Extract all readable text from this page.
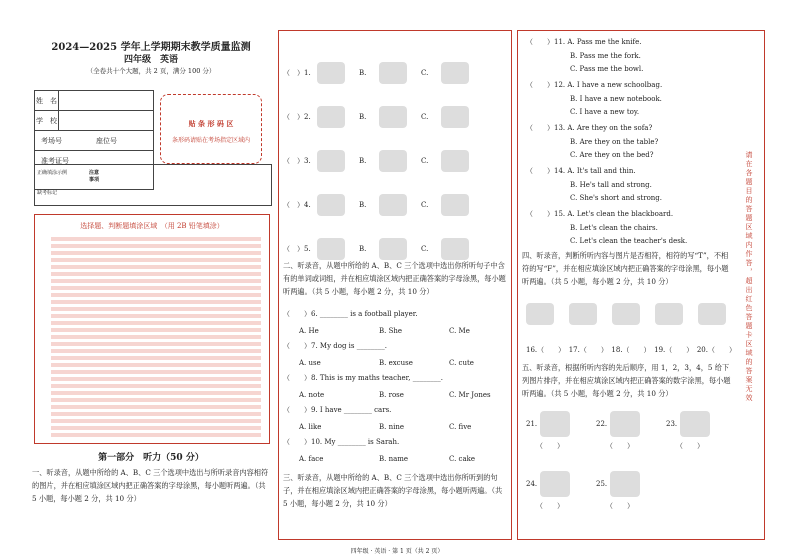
2024—2025 学年上学期期末教学质量监测
四年级　英语
（全卷共十个大题，共 2 页，满分 100 分）
姓　名
学　校
考场号	座位号
准考证号
贴 条 形 码 区
条形码请贴在考场指定区域内
正确填涂示例
缺考标记
注意事项
选择题、判断题填涂区域　（用 2B 铅笔填涂）
第一部分　听力（50 分）
一、听录音，从题中所给的 A、B、C 三个选项中选出与所听录音内容相符的图片，并在相应填涂区域内把正确答案的字母涂黑，每小题听两遍。（共 5 小题，每小题 2 分，共 10 分）
（　）1.	B.	C.
（　）2.	B.	C.
（　）3.	B.	C.
（　）4.	B.	C.
（　）5.	B.	C.
二、听录音，从题中所给的 A、B、C 三个选项中选出你所听句子中含有的单词或词组，并在相应填涂区域内把正确答案的字母涂黑，每小题听两遍。（共 5 小题，每小题 2 分，共 10 分）
（　　）6. ________ is a football player.
A. He	B. She	C. Me
（　　）7. My dog is ________.
A. use	B. excuse	C. cute
（　　）8. This is my maths teacher, ________.
A. note	B. rose	C. Mr Jones
（　　）9. I have ________ cars.
A. like	B. nine	C. five
（　　）10. My ________ is Sarah.
A. face	B. name	C. cake
三、听录音，从题中所给的 A、B、C 三个选项中选出你所听到的句子，并在相应填涂区域内把正确答案的字母涂黑，每小题听两遍。（共 5 小题，每小题 2 分，共 10 分）
（　　）11. A. Pass me the knife.
B. Pass me the fork.
C. Pass me the bowl.
（　　）12. A. I have a new schoolbag.
B. I have a new notebook.
C. I have a new toy.
（　　）13. A. Are they on the sofa?
B. Are they on the table?
C. Are they on the bed?
（　　）14. A. It's tall and thin.
B. He's tall and strong.
C. She's short and strong.
（　　）15. A. Let's clean the blackboard.
B. Let's clean the chairs.
C. Let's clean the teacher's desk.
四、听录音，判断所听内容与图片是否相符，相符的写“T”，不相符的写“F”，并在相应填涂区域内把正确答案的字母涂黑，每小题听两遍。（共 5 小题，每小题 2 分，共 10 分）
16.（　　） 17.（　　） 18.（　　） 19.（　　） 20.（　　）
五、听录音，根据所听内容的先后顺序，用 1，2，3，4，5 给下列图片排序，并在相应填涂区域内把正确答案的数字涂黑，每小题听两遍。（共 5 小题，每小题 2 分，共 10 分）
21.
（　　）
22.
（　　）
23.
（　　）
24.
（　　）
25.
（　　）
请在各题目的答题区域内作答，超出红色答题卡区域的答案无效
四年级 · 英语 · 第 1 页（共 2 页）
